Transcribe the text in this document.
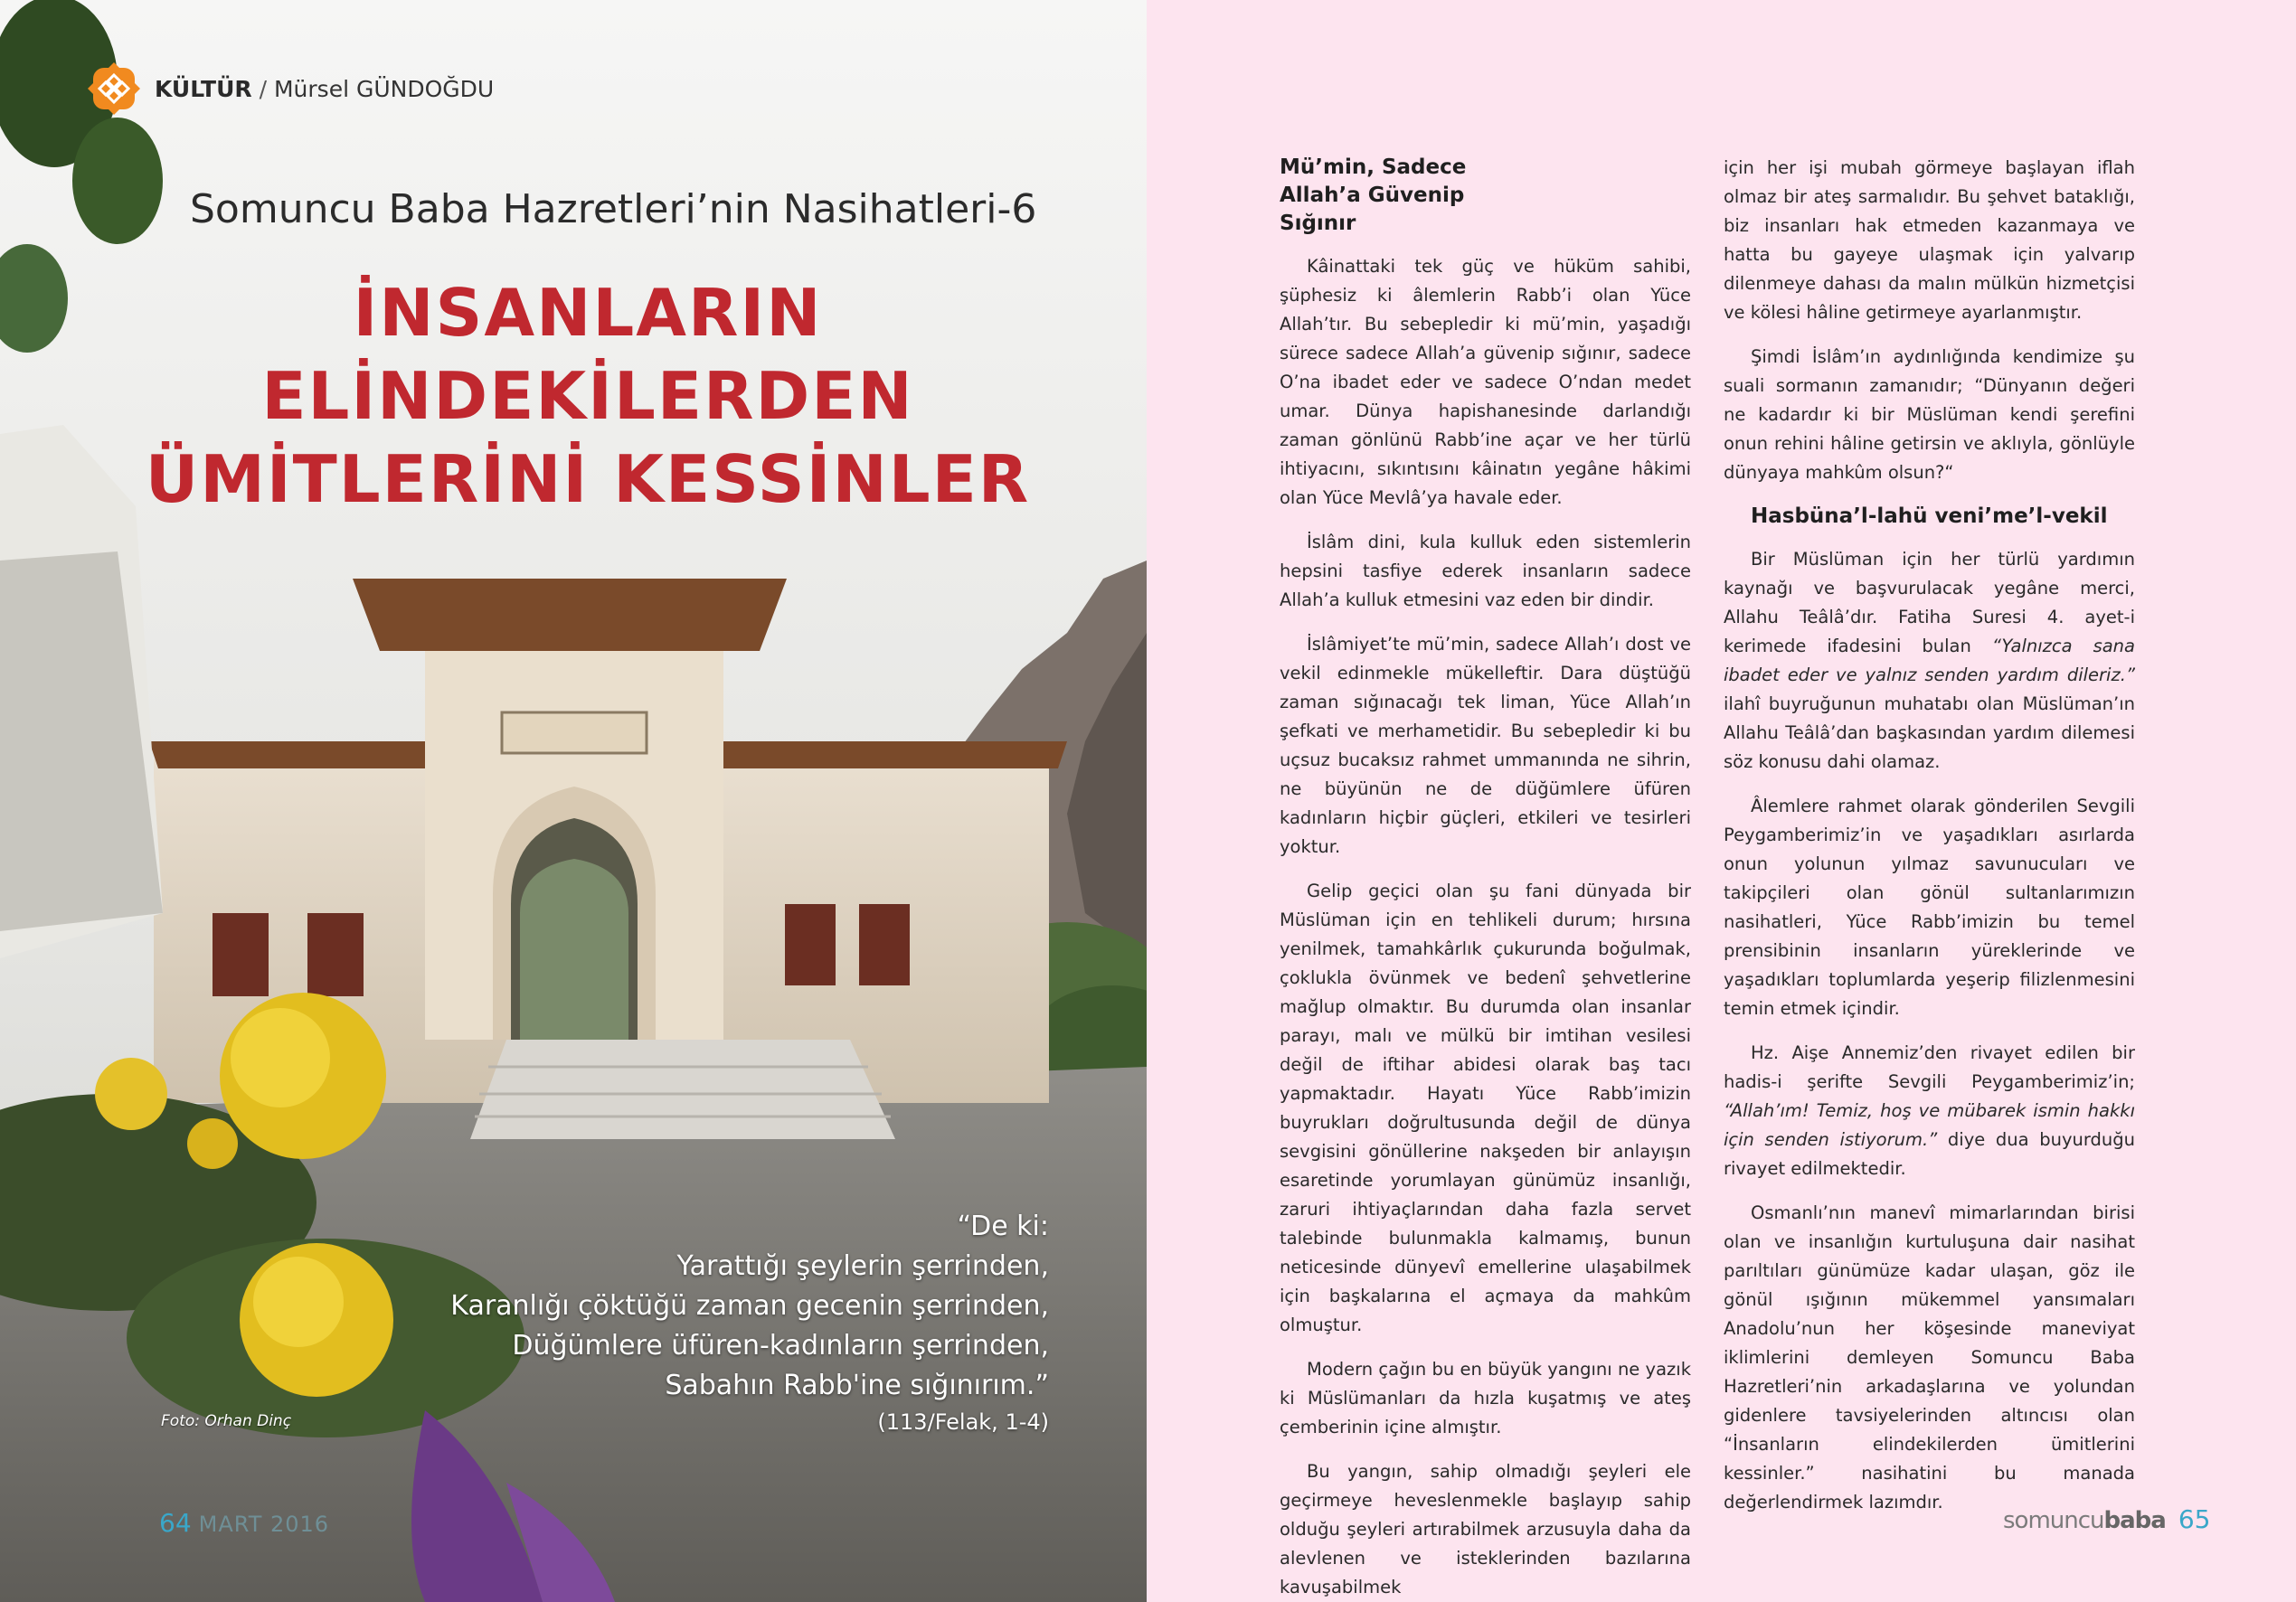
KÜLTÜR / Mürsel GÜNDOĞDU
Somuncu Baba Hazretleri’nin Nasihatleri-6
İNSANLARIN
ELİNDEKİLERDEN
ÜMİTLERİNİ KESSİNLER
“De ki:
Yarattığı şeylerin şerrinden,
Karanlığı çöktüğü zaman gecenin şerrinden,
Düğümlere üfüren-kadınların şerrinden,
Sabahın Rabb'ine sığınırım.”
(113/Felak, 1-4)
Foto: Orhan Dinç
64 MART 2016
Mü’min, Sadece Allah’a Güvenip Sığınır

Kâinattaki tek güç ve hüküm sahibi, şüphesiz ki âlemlerin Rabb’i olan Yüce Allah’tır. Bu sebepledir ki mü’min, yaşadığı sürece sadece Allah’a güvenip sığınır, sadece O’na ibadet eder ve sadece O’ndan medet umar. Dünya hapishanesinde darlandığı zaman gönlünü Rabb’ine açar ve her türlü ihtiyacını, sıkıntısını kâinatın yegâne hâkimi olan Yüce Mevlâ’ya havale eder.

İslâm dini, kula kulluk eden sistemlerin hepsini tasfiye ederek insanların sadece Allah’a kulluk etmesini vaz eden bir dindir.

İslâmiyet’te mü’min, sadece Allah’ı dost ve vekil edinmekle mükelleftir. Dara düştüğü zaman sığınacağı tek liman, Yüce Allah’ın şefkati ve merhametidir. Bu sebepledir ki bu uçsuz bucaksız rahmet ummanında ne sihrin, ne büyünün ne de düğümlere üfüren kadınların hiçbir güçleri, etkileri ve tesirleri yoktur.

Gelip geçici olan şu fani dünyada bir Müslüman için en tehlikeli durum; hırsına yenilmek, tamahkârlık çukurunda boğulmak, çoklukla övünmek ve bedenî şehvetlerine mağlup olmaktır. Bu durumda olan insanlar parayı, malı ve mülkü bir imtihan vesilesi değil de iftihar abidesi olarak baş tacı yapmaktadır. Hayatı Yüce Rabb’imizin buyrukları doğrultusunda değil de dünya sevgisini gönüllerine nakşeden bir anlayışın esaretinde yorumlayan günümüz insanlığı, zaruri ihtiyaçlarından daha fazla servet talebinde bulunmakla kalmamış, bunun neticesinde dünyevî emellerine ulaşabilmek için başkalarına el açmaya da mahkûm olmuştur.

Modern çağın bu en büyük yangını ne yazık ki Müslümanları da hızla kuşatmış ve ateş çemberinin içine almıştır.

Bu yangın, sahip olmadığı şeyleri ele geçirmeye heveslenmekle başlayıp sahip olduğu şeyleri artırabilmek arzusuyla daha da alevlenen ve isteklerinden bazılarına kavuşabilmek

için her işi mubah görmeye başlayan iflah olmaz bir ateş sarmalıdır. Bu şehvet bataklığı, biz insanları hak etmeden kazanmaya ve hatta bu gayeye ulaşmak için yalvarıp dilenmeye dahası da malın mülkün hizmetçisi ve kölesi hâline getirmeye ayarlanmıştır.

Şimdi İslâm’ın aydınlığında kendimize şu suali sormanın zamanıdır; “Dünyanın değeri ne kadardır ki bir Müslüman kendi şerefini onun rehini hâline getirsin ve aklıyla, gönlüyle dünyaya mahkûm olsun?“

Hasbüna’l-lahü veni’me’l-vekil

Bir Müslüman için her türlü yardımın kaynağı ve başvurulacak yegâne merci, Allahu Teâlâ’dır. Fatiha Suresi 4. ayet-i kerimede ifadesini bulan “Yalnızca sana ibadet eder ve yalnız senden yardım dileriz.” ilahî buyruğunun muhatabı olan Müslüman’ın Allahu Teâlâ’dan başkasından yardım dilemesi söz konusu dahi olamaz.

Âlemlere rahmet olarak gönderilen Sevgili Peygamberimiz’in ve yaşadıkları asırlarda onun yolunun yılmaz savunucuları ve takipçileri olan gönül sultanlarımızın nasihatleri, Yüce Rabb’imizin bu temel prensibinin insanların yüreklerinde ve yaşadıkları toplumlarda yeşerip filizlenmesini temin etmek içindir.

Hz. Aişe Annemiz’den rivayet edilen bir hadis-i şerifte Sevgili Peygamberimiz’in; “Allah’ım! Temiz, hoş ve mübarek ismin hakkı için senden istiyorum.” diye dua buyurduğu rivayet edilmektedir.

Osmanlı’nın manevî mimarlarından birisi olan ve insanlığın kurtuluşuna dair nasihat parıltıları günümüze kadar ulaşan, göz ile gönül ışığının mükemmel yansımaları Anadolu’nun her köşesinde maneviyat iklimlerini demleyen Somuncu Baba Hazretleri’nin arkadaşlarına ve yolundan gidenlere tavsiyelerinden altıncısı olan “İnsanların elindekilerden ümitlerini kessinler.” nasihatini bu manada değerlendirmek lazımdır.

somuncubaba 65
